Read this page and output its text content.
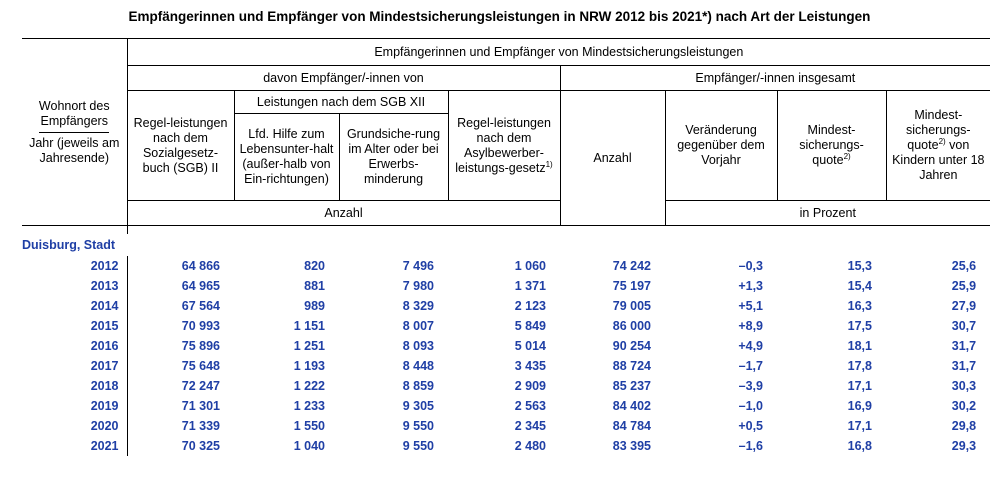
Empfängerinnen und Empfänger von Mindestsicherungsleistungen in NRW 2012 bis 2021*) nach Art der Leistungen
Wohnort des Empfängers
Jahr (jeweils am Jahresende)	Empfängerinnen und Empfänger von Mindestsicherungsleistungen							
	davon Empfänger/-innen von				Empfänger/-innen insgesamt			
	Regel-leistungen nach dem Sozialgesetz-buch (SGB) II	Leistungen nach dem SGB XII		Regel-leistungen nach dem Asylbewerber-leistungs-gesetz$^{1)}$	Anzahl	Veränderung gegenüber dem Vorjahr	Mindest-sicherungs-quote$^{2)}$	Mindest-sicherungs-quote$^{2)}$ von Kindern unter 18 Jahren
		Lfd. Hilfe zum Lebensunter-halt (außer-halb von Ein-richtungen)	Grundsiche-rung im Alter oder bei Erwerbs-minderung					
	Anzahl					in Prozent		

Duisburg, Stadt								
2012	64 866	820	7 496	1 060	74 242	–0,3	15,3	25,6
2013	64 965	881	7 980	1 371	75 197	+1,3	15,4	25,9
2014	67 564	989	8 329	2 123	79 005	+5,1	16,3	27,9
2015	70 993	1 151	8 007	5 849	86 000	+8,9	17,5	30,7
2016	75 896	1 251	8 093	5 014	90 254	+4,9	18,1	31,7
2017	75 648	1 193	8 448	3 435	88 724	–1,7	17,8	31,7
2018	72 247	1 222	8 859	2 909	85 237	–3,9	17,1	30,3
2019	71 301	1 233	9 305	2 563	84 402	–1,0	16,9	30,2
2020	71 339	1 550	9 550	2 345	84 784	+0,5	17,1	29,8
2021	70 325	1 040	9 550	2 480	83 395	–1,6	16,8	29,3
